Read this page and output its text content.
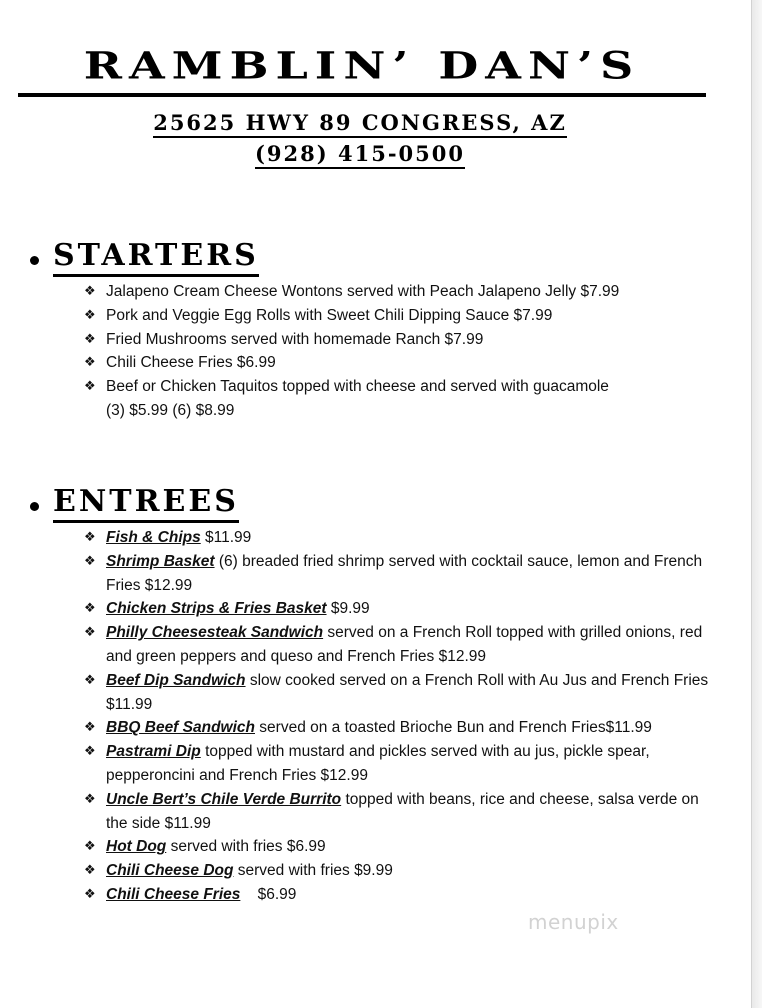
RAMBLIN’ DAN’S
25625 HWY 89 CONGRESS, AZ
(928) 415-0500
STARTERS
❖ Jalapeno Cream Cheese Wontons served with Peach Jalapeno Jelly $7.99
❖ Pork and Veggie Egg Rolls with Sweet Chili Dipping Sauce $7.99
❖ Fried Mushrooms served with homemade Ranch $7.99
❖ Chili Cheese Fries $6.99
❖ Beef or Chicken Taquitos topped with cheese and served with guacamole
(3) $5.99 (6) $8.99
ENTREES
❖ Fish & Chips $11.99
❖ Shrimp Basket (6) breaded fried shrimp served with cocktail sauce, lemon and French Fries $12.99
❖ Chicken Strips & Fries Basket $9.99
❖ Philly Cheesesteak Sandwich served on a French Roll topped with grilled onions, red and green peppers and queso and French Fries $12.99
❖ Beef Dip Sandwich slow cooked served on a French Roll with Au Jus and French Fries $11.99
❖ BBQ Beef Sandwich served on a toasted Brioche Bun and French Fries$11.99
❖ Pastrami Dip topped with mustard and pickles served with au jus, pickle spear, pepperoncini and French Fries $12.99
❖ Uncle Bert’s Chile Verde Burrito topped with beans, rice and cheese, salsa verde on the side $11.99
❖ Hot Dog served with fries $6.99
❖ Chili Cheese Dog served with fries $9.99
❖ Chili Cheese Fries    $6.99
menupix
